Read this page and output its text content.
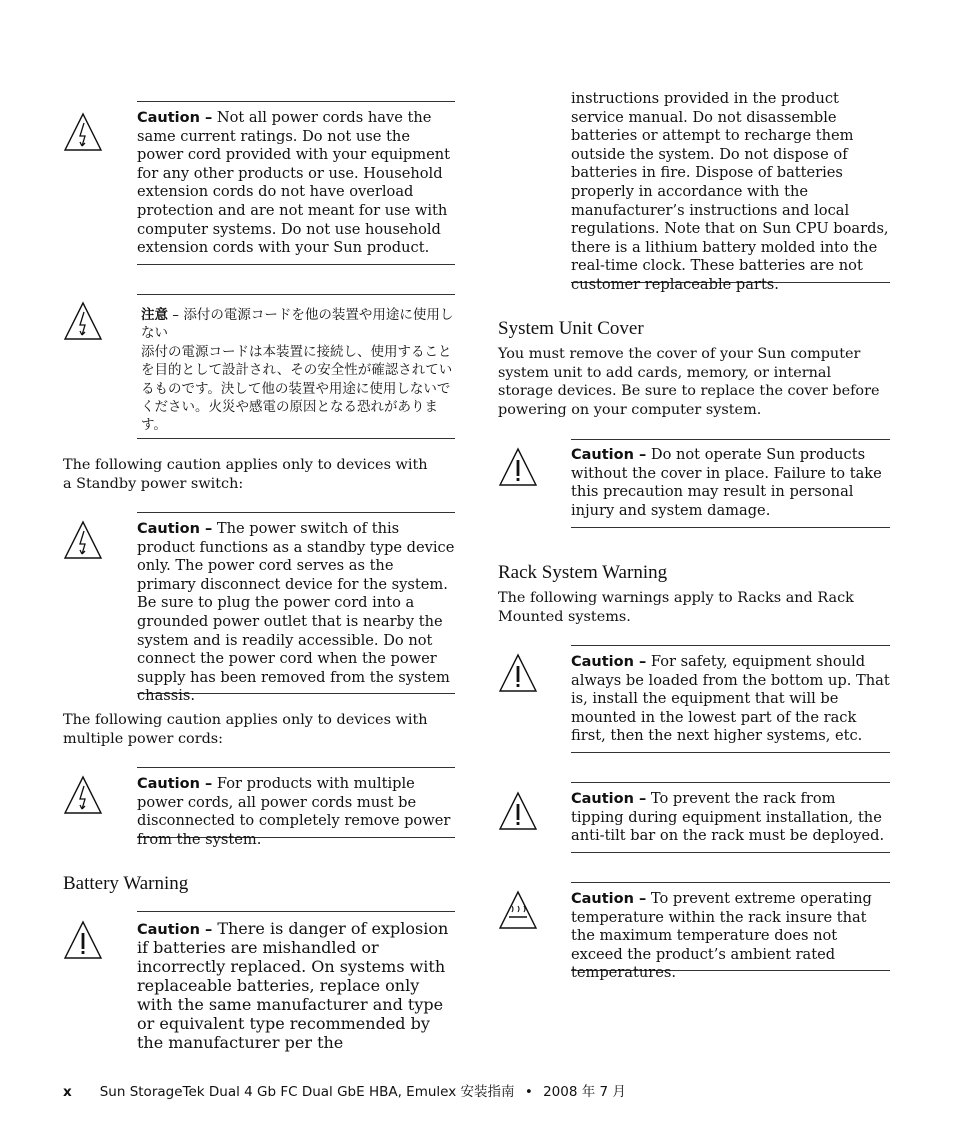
Caution – Not all power cords have the same current ratings. Do not use the power cord provided with your equipment for any other products or use. Household extension cords do not have overload protection and are not meant for use with computer systems. Do not use household extension cords with your Sun product.
注意 – 添付の電源コードを他の装置や用途に使用しない
添付の電源コードは本装置に接続し、使用することを目的として設計され、その安全性が確認されているものです。決して他の装置や用途に使用しないでください。火災や感電の原因となる恐れがあります。
The following caution applies only to devices with a Standby power switch:
Caution – The power switch of this product functions as a standby type device only. The power cord serves as the primary disconnect device for the system. Be sure to plug the power cord into a grounded power outlet that is nearby the system and is readily accessible. Do not connect the power cord when the power supply has been removed from the system chassis.
The following caution applies only to devices with multiple power cords:
Caution – For products with multiple power cords, all power cords must be disconnected to completely remove power from the system.
Battery Warning
Caution – There is danger of explosion if batteries are mishandled or incorrectly replaced. On systems with replaceable batteries, replace only with the same manufacturer and type or equivalent type recommended by the manufacturer per the
instructions provided in the product service manual. Do not disassemble batteries or attempt to recharge them outside the system. Do not dispose of batteries in fire. Dispose of batteries properly in accordance with the manufacturer’s instructions and local regulations. Note that on Sun CPU boards, there is a lithium battery molded into the real-time clock. These batteries are not customer replaceable parts.
System Unit Cover
You must remove the cover of your Sun computer system unit to add cards, memory, or internal storage devices. Be sure to replace the cover before powering on your computer system.
Caution – Do not operate Sun products without the cover in place. Failure to take this precaution may result in personal injury and system damage.
Rack System Warning
The following warnings apply to Racks and Rack Mounted systems.
Caution – For safety, equipment should always be loaded from the bottom up. That is, install the equipment that will be mounted in the lowest part of the rack first, then the next higher systems, etc.
Caution – To prevent the rack from tipping during equipment installation, the anti-tilt bar on the rack must be deployed.
Caution – To prevent extreme operating temperature within the rack insure that the maximum temperature does not exceed the product’s ambient rated temperatures.
x Sun StorageTek Dual 4 Gb FC Dual GbE HBA, Emulex 安装指南 • 2008 年 7 月
